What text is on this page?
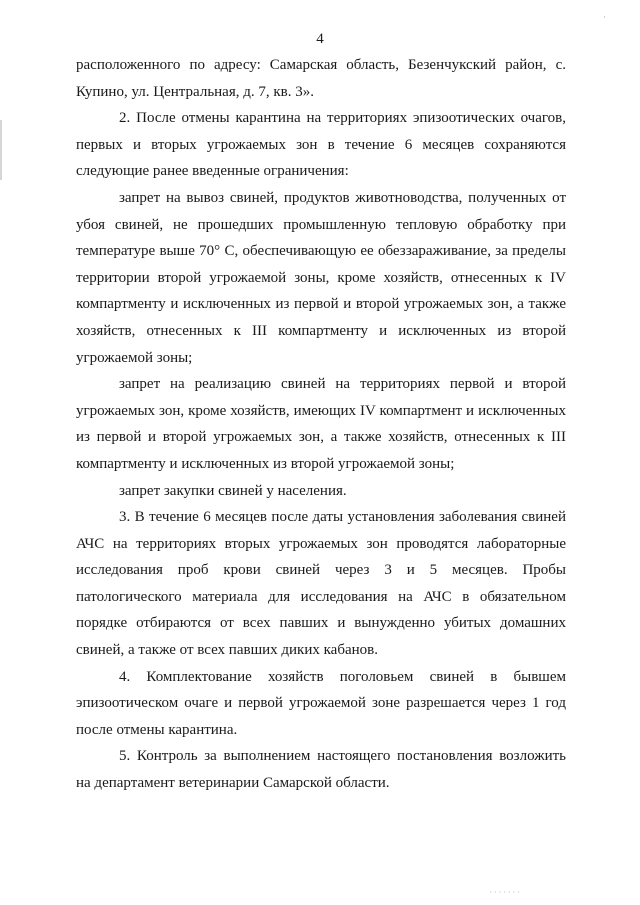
·
4

расположенного по адресу: Самарская область, Безенчукский район, с. Купино, ул. Центральная, д. 7, кв. 3».

2. После отмены карантина на территориях эпизоотических очагов, первых и вторых угрожаемых зон в течение 6 месяцев сохраняются следующие ранее введенные ограничения:

запрет на вывоз свиней, продуктов животноводства, полученных от убоя свиней, не прошедших промышленную тепловую обработку при температуре выше 70° С, обеспечивающую ее обеззараживание, за пределы территории второй угрожаемой зоны, кроме хозяйств, отнесенных к IV компартменту и исключенных из первой и второй угрожаемых зон, а также хозяйств, отнесенных к III компартменту и исключенных из второй угрожаемой зоны;

запрет на реализацию свиней на территориях первой и второй угрожаемых зон, кроме хозяйств, имеющих IV компартмент и исключенных из первой и второй угрожаемых зон, а также хозяйств, отнесенных к III компартменту и исключенных из второй угрожаемой зоны;

запрет закупки свиней у населения.

3. В течение 6 месяцев после даты установления заболевания свиней АЧС на территориях вторых угрожаемых зон проводятся лабораторные исследования проб крови свиней через 3 и 5 месяцев. Пробы патологического материала для исследования на АЧС в обязательном порядке отбираются от всех павших и вынужденно убитых домашних свиней, а также от всех павших диких кабанов.

4. Комплектование хозяйств поголовьем свиней в бывшем эпизоотическом очаге и первой угрожаемой зоне разрешается через 1 год после отмены карантина.

5. Контроль за выполнением настоящего постановления возложить на департамент ветеринарии Самарской области.

·······
